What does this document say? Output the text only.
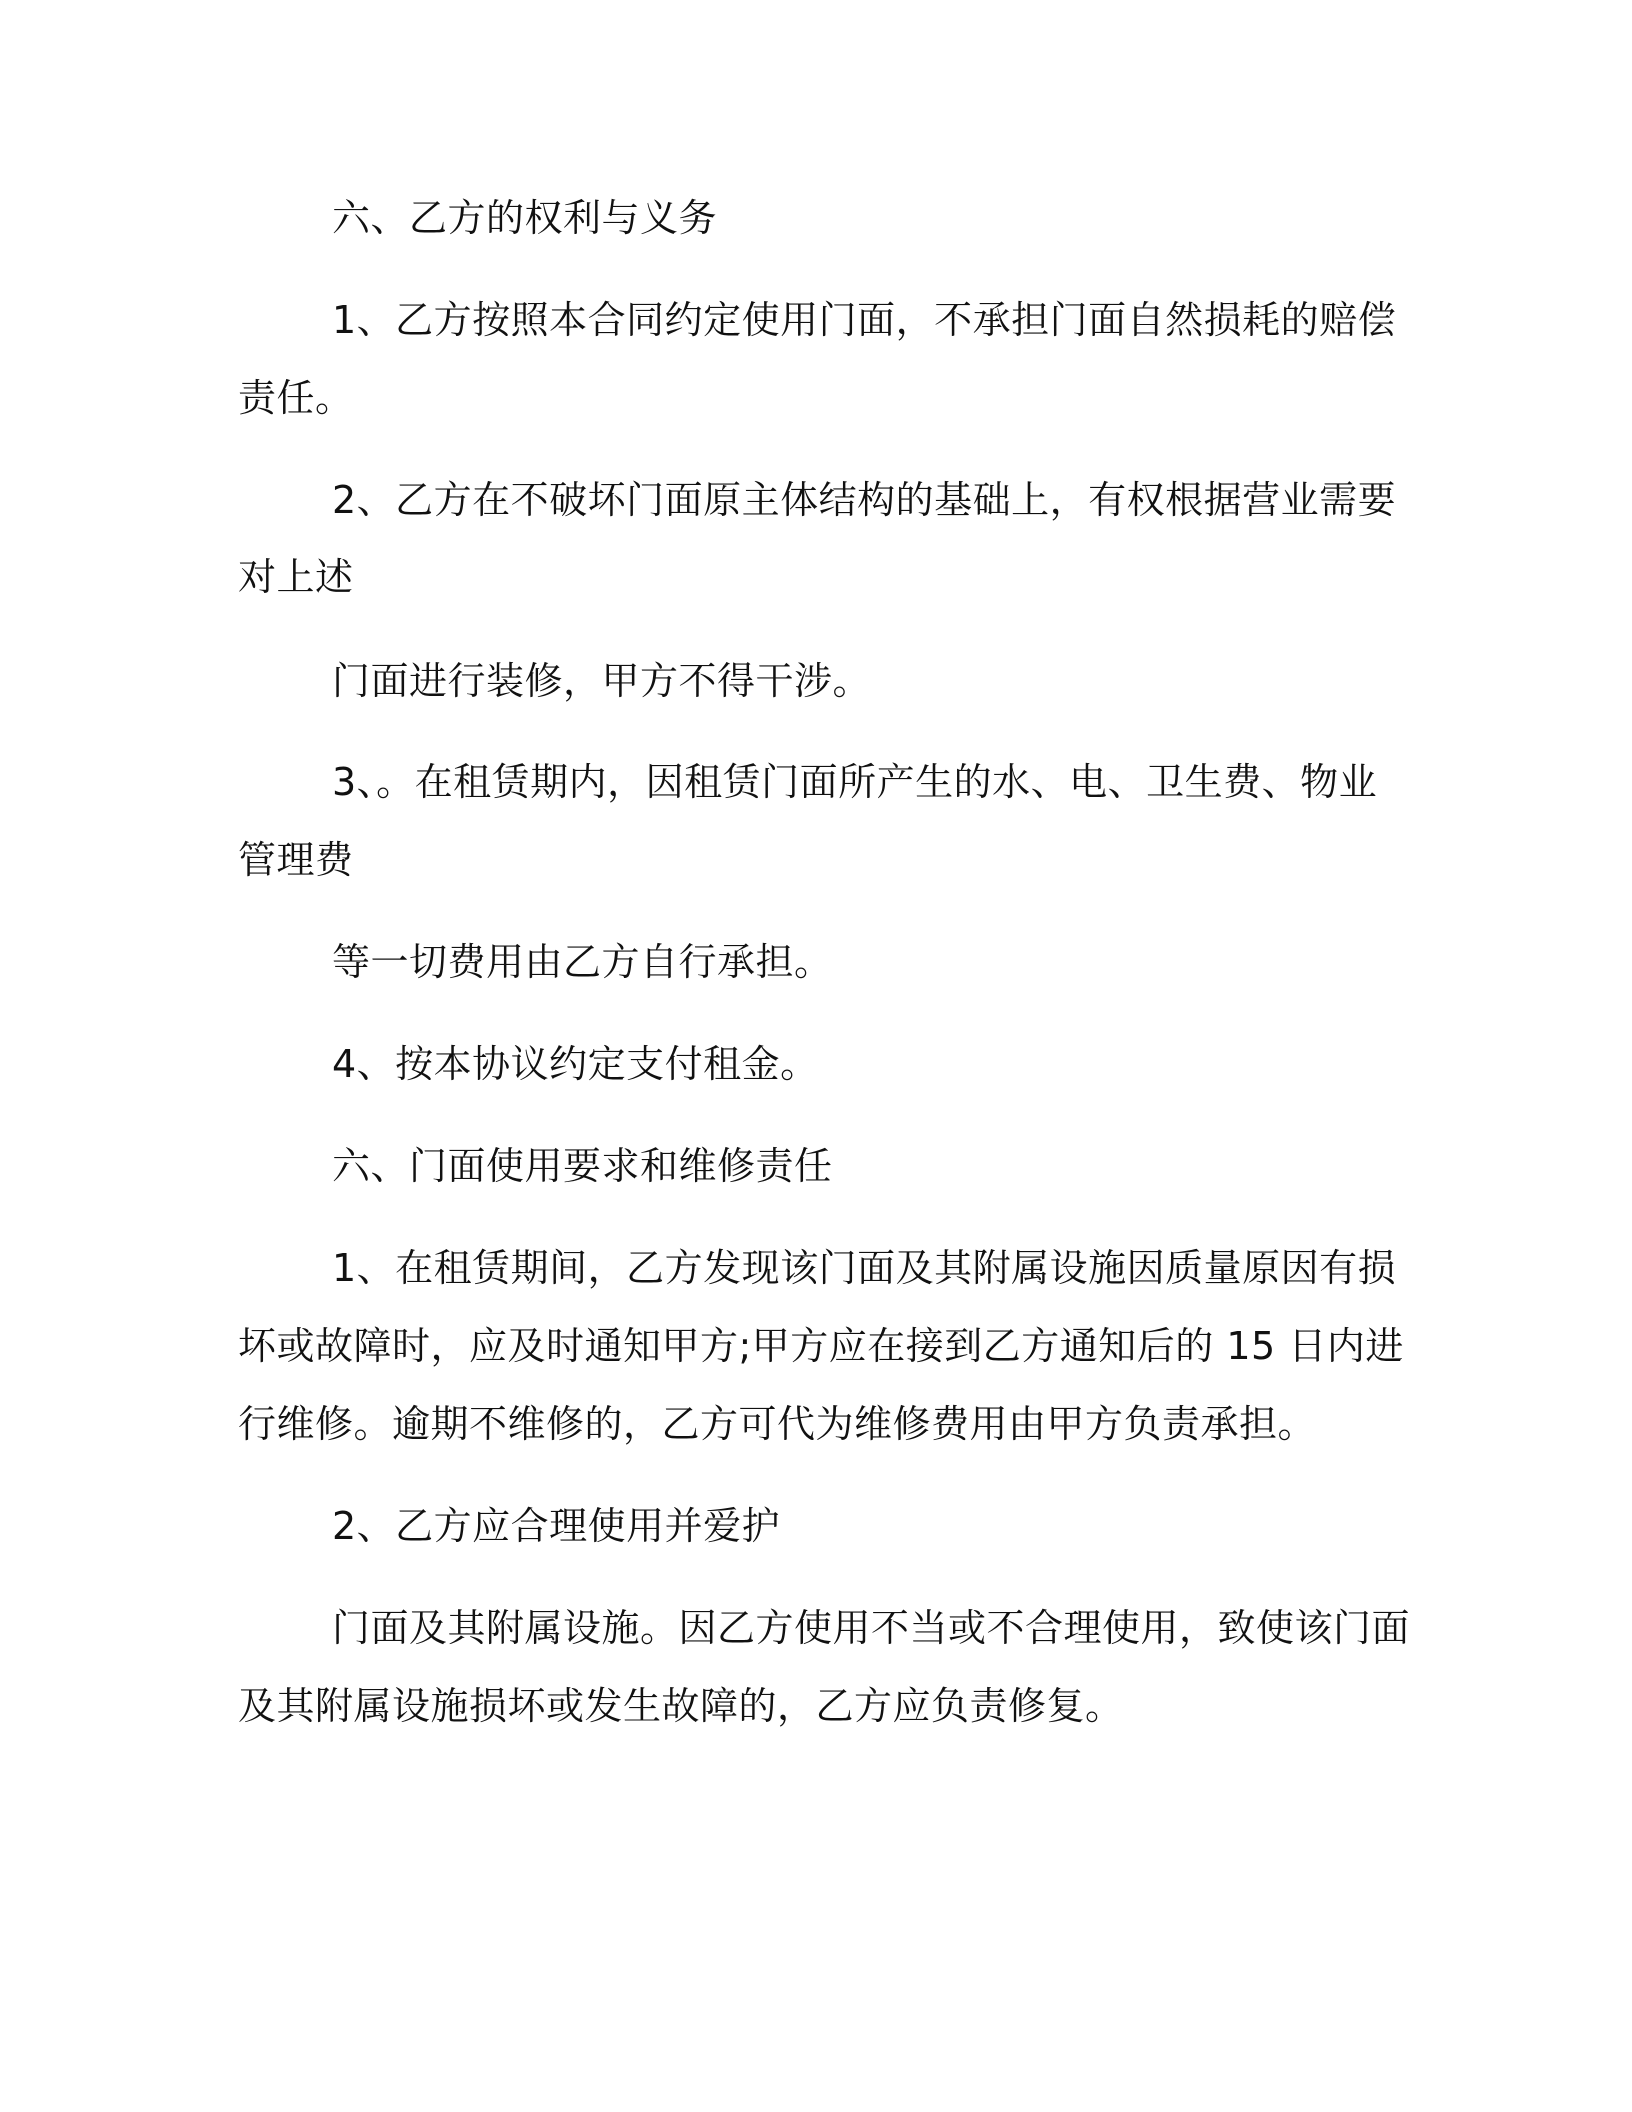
六、乙方的权利与义务
1、乙方按照本合同约定使用门面，不承担门面自然损耗的赔偿
责任。
2、乙方在不破坏门面原主体结构的基础上，有权根据营业需要
对上述
门面进行装修，甲方不得干涉。
3、。在租赁期内，因租赁门面所产生的水、电、卫生费、物业
管理费
等一切费用由乙方自行承担。
4、按本协议约定支付租金。
六、门面使用要求和维修责任
1、在租赁期间，乙方发现该门面及其附属设施因质量原因有损
坏或故障时，应及时通知甲方;甲方应在接到乙方通知后的 15 日内进
行维修。逾期不维修的，乙方可代为维修费用由甲方负责承担。
2、乙方应合理使用并爱护
门面及其附属设施。因乙方使用不当或不合理使用，致使该门面
及其附属设施损坏或发生故障的，乙方应负责修复。
